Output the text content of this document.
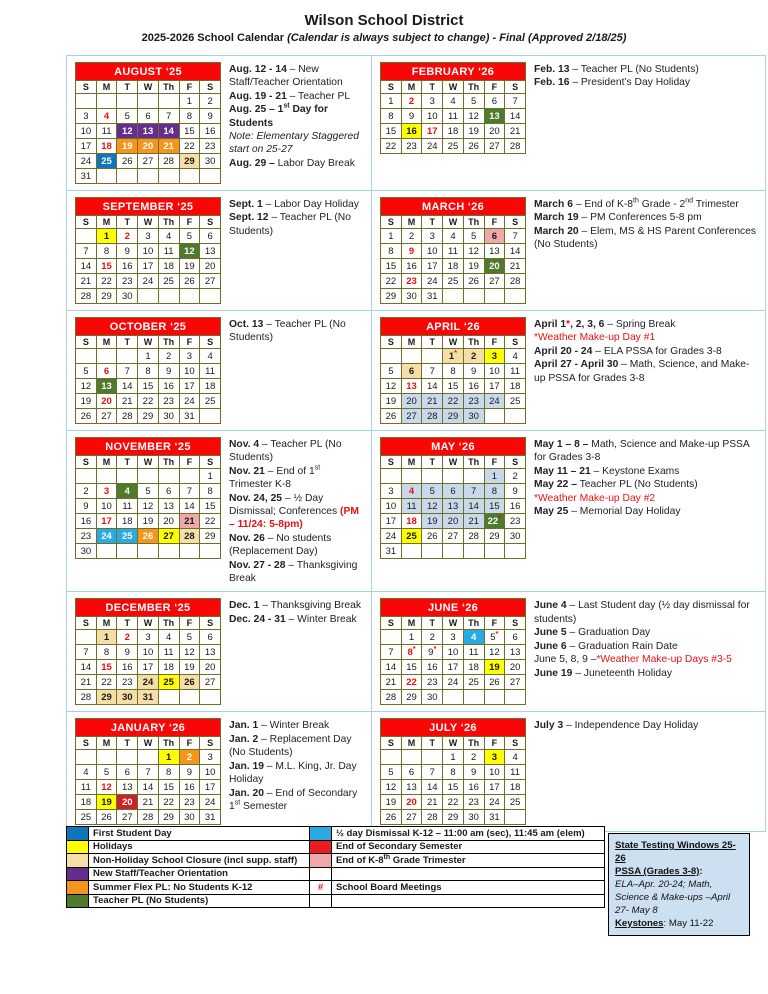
Wilson School District
2025-2026 School Calendar (Calendar is always subject to change) - Final (Approved 2/18/25)
AUGUST ‘25						
S	M	T	W	Th	F	S
					1	2
3	4	5	6	7	8	9
10	11	12	13	14	15	16
17	18	19	20	21	22	23
24	25	26	27	28	29	30
31						
Aug. 12 - 14 – New Staff/Teacher Orientation
Aug. 19 - 21 – Teacher PL
Aug. 25 – 1st Day for Students
Note: Elementary Staggered start on 25-27
Aug. 29 – Labor Day Break
FEBRUARY ‘26						
S	M	T	W	Th	F	S
1	2	3	4	5	6	7
8	9	10	11	12	13	14
15	16	17	18	19	20	21
22	23	24	25	26	27	28
Feb. 13 – Teacher PL (No Students)
Feb. 16 – President’s Day Holiday
SEPTEMBER ‘25						
S	M	T	W	Th	F	S
	1	2	3	4	5	6
7	8	9	10	11	12	13
14	15	16	17	18	19	20
21	22	23	24	25	26	27
28	29	30				
Sept. 1 – Labor Day Holiday
Sept. 12 – Teacher PL (No Students)
MARCH ‘26						
S	M	T	W	Th	F	S
1	2	3	4	5	6	7
8	9	10	11	12	13	14
15	16	17	18	19	20	21
22	23	24	25	26	27	28
29	30	31				
March 6 – End of K-8th Grade - 2nd Trimester
March 19 – PM Conferences 5-8 pm
March 20 – Elem, MS & HS Parent Conferences (No Students)
OCTOBER ‘25						
S	M	T	W	Th	F	S
			1	2	3	4
5	6	7	8	9	10	11
12	13	14	15	16	17	18
19	20	21	22	23	24	25
26	27	28	29	30	31	
Oct. 13 – Teacher PL (No Students)
APRIL ‘26						
S	M	T	W	Th	F	S
			1*	2	3	4
5	6	7	8	9	10	11
12	13	14	15	16	17	18
19	20	21	22	23	24	25
26	27	28	29	30		
April 1*, 2, 3, 6 – Spring Break
*Weather Make-up Day #1
April 20 - 24 – ELA PSSA for Grades 3-8
April 27 - April 30 – Math, Science, and Make-up PSSA for Grades 3-8
NOVEMBER ‘25						
S	M	T	W	Th	F	S
						1
2	3	4	5	6	7	8
9	10	11	12	13	14	15
16	17	18	19	20	21	22
23	24	25	26	27	28	29
30						
Nov. 4 – Teacher PL (No Students)
Nov. 21 – End of 1st Trimester K-8
Nov. 24, 25 – ½ Day Dismissal; Conferences (PM – 11/24: 5-8pm)
Nov. 26 – No students (Replacement Day)
Nov. 27 - 28 – Thanksgiving Break
MAY ‘26						
S	M	T	W	Th	F	S
					1	2
3	4	5	6	7	8	9
10	11	12	13	14	15	16
17	18	19	20	21	22*	23
24	25	26	27	28	29	30
31						
May 1 – 8 – Math, Science and Make-up PSSA for Grades 3-8
May 11 – 21 – Keystone Exams
May 22 – Teacher PL (No Students)
*Weather Make-up Day #2
May 25 – Memorial Day Holiday
DECEMBER ‘25						
S	M	T	W	Th	F	S
	1	2	3	4	5	6
7	8	9	10	11	12	13
14	15	16	17	18	19	20
21	22	23	24	25	26	27
28	29	30	31			
Dec. 1 – Thanksgiving Break
Dec. 24 - 31 – Winter Break
JUNE ‘26						
S	M	T	W	Th	F	S
	1	2	3	4	5*	6
7	8*	9*	10	11	12	13
14	15	16	17	18	19	20
21	22	23	24	25	26	27
28	29	30				
June 4 – Last Student day (½ day dismissal for students)
June 5 – Graduation Day
June 6 – Graduation Rain Date
June 5, 8, 9 –*Weather Make-up Days #3-5
June 19 – Juneteenth Holiday
JANUARY ‘26						
S	M	T	W	Th	F	S
				1	2	3
4	5	6	7	8	9	10
11	12	13	14	15	16	17
18	19	20	21	22	23	24
25	26	27	28	29	30	31
Jan. 1 – Winter Break
Jan. 2 – Replacement Day (No Students)
Jan. 19 – M.L. King, Jr. Day Holiday
Jan. 20 – End of Secondary 1st Semester
JULY ‘26						
S	M	T	W	Th	F	S
			1	2	3	4
5	6	7	8	9	10	11
12	13	14	15	16	17	18
19	20	21	22	23	24	25
26	27	28	29	30	31	
July 3 – Independence Day Holiday
	First Student Day		½ day Dismissal K-12 – 11:00 am (sec), 11:45 am (elem)
	Holidays		End of Secondary Semester
	Non-Holiday School Closure (incl supp. staff)		End of K-8th Grade Trimester
	New Staff/Teacher Orientation		
	Summer Flex PL: No Students K-12	#	School Board Meetings
	Teacher PL (No Students)		
State Testing Windows 25-26
PSSA (Grades 3-8):
ELA–Apr. 20-24; Math, Science & Make-ups –April 27- May 8
Keystones: May 11-22
